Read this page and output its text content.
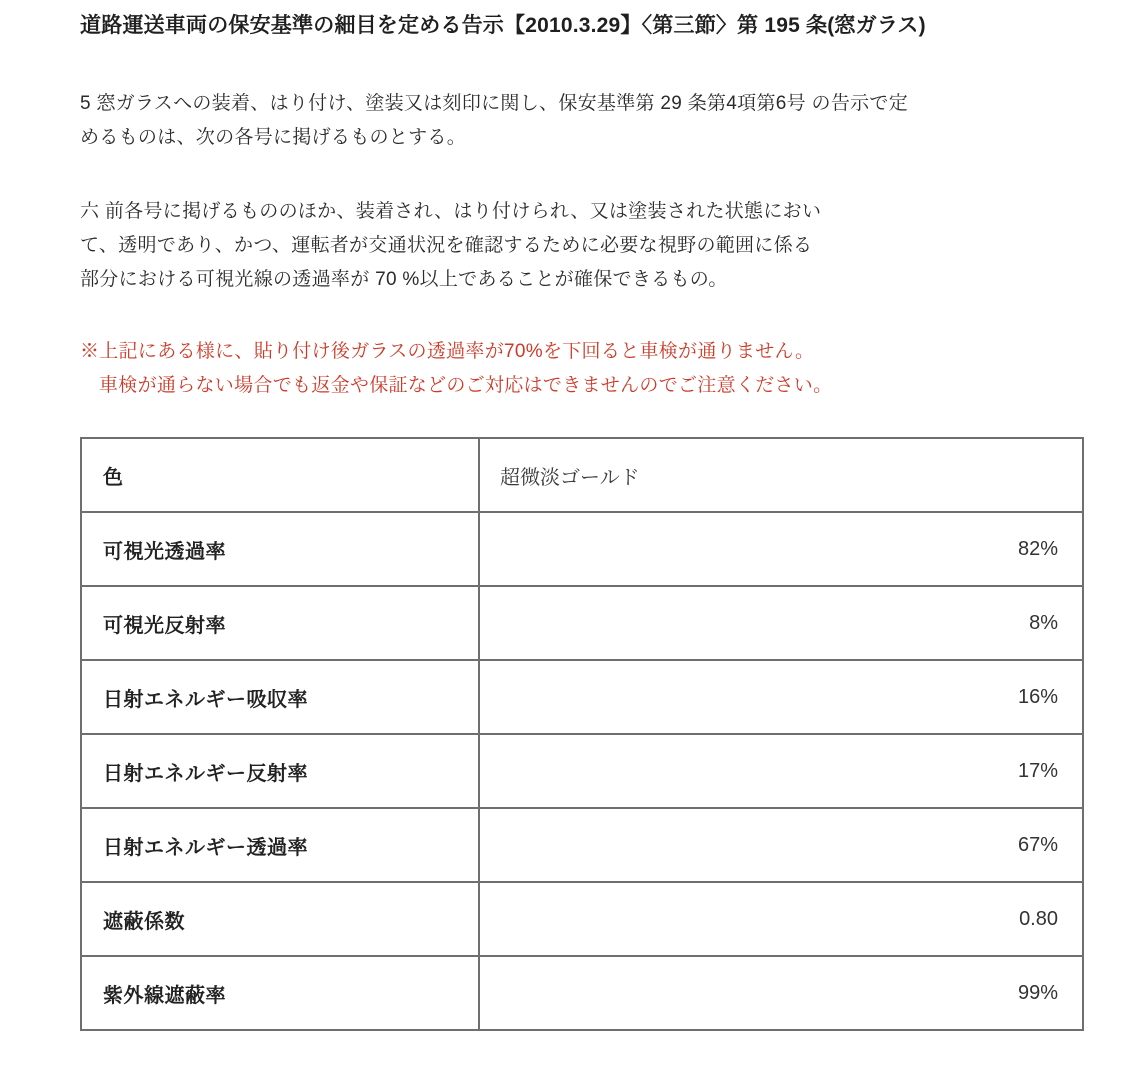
道路運送車両の保安基準の細目を定める告示【2010.3.29】〈第三節〉第 195 条(窓ガラス)

5 窓ガラスへの装着、はり付け、塗装又は刻印に関し、保安基準第 29 条第4項第6号 の告示で定
めるものは、次の各号に掲げるものとする。

六 前各号に掲げるもののほか、装着され、はり付けられ、又は塗装された状態におい
て、透明であり、かつ、運転者が交通状況を確認するために必要な視野の範囲に係る
部分における可視光線の透過率が 70 %以上であることが確保できるもの。

※上記にある様に、貼り付け後ガラスの透過率が70%を下回ると車検が通りません。
車検が通らない場合でも返金や保証などのご対応はできませんのでご注意ください。

色	超微淡ゴールド
可視光透過率	82%
可視光反射率	8%
日射エネルギー吸収率	16%
日射エネルギー反射率	17%
日射エネルギー透過率	67%
遮蔽係数	0.80
紫外線遮蔽率	99%
